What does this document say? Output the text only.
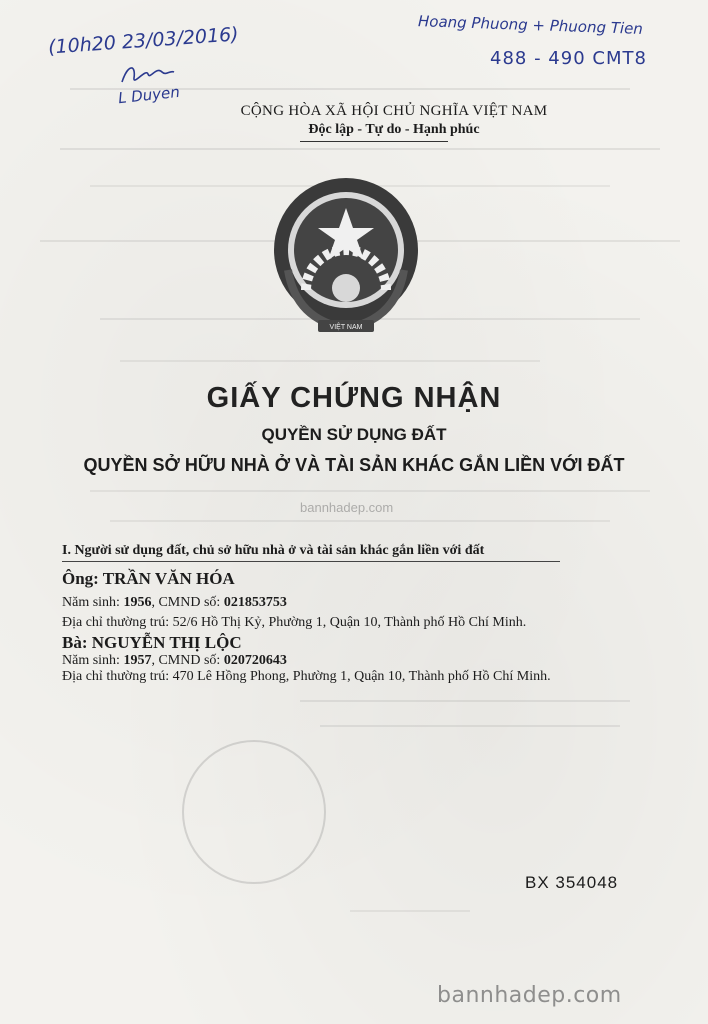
(10h20 23/03/2016)
L Duyen
Hoang Phuong + Phuong Tien
488 - 490 CMT8
CỘNG HÒA XÃ HỘI CHỦ NGHĨA VIỆT NAM
Độc lập - Tự do - Hạnh phúc
VIỆT NAM
GIẤY CHỨNG NHẬN
QUYỀN SỬ DỤNG ĐẤT
QUYỀN SỞ HỮU NHÀ Ở VÀ TÀI SẢN KHÁC GẮN LIỀN VỚI ĐẤT
bannhadep.com
I. Người sử dụng đất, chủ sở hữu nhà ở và tài sản khác gắn liền với đất
Ông: TRẦN VĂN HÓA
Năm sinh: 1956, CMND số: 021853753
Địa chỉ thường trú: 52/6 Hồ Thị Kỷ, Phường 1, Quận 10, Thành phố Hồ Chí Minh.
Bà: NGUYỄN THỊ LỘC
Năm sinh: 1957, CMND số: 020720643
Địa chỉ thường trú: 470 Lê Hồng Phong, Phường 1, Quận 10, Thành phố Hồ Chí Minh.
BX 354048
bannhadep.com
